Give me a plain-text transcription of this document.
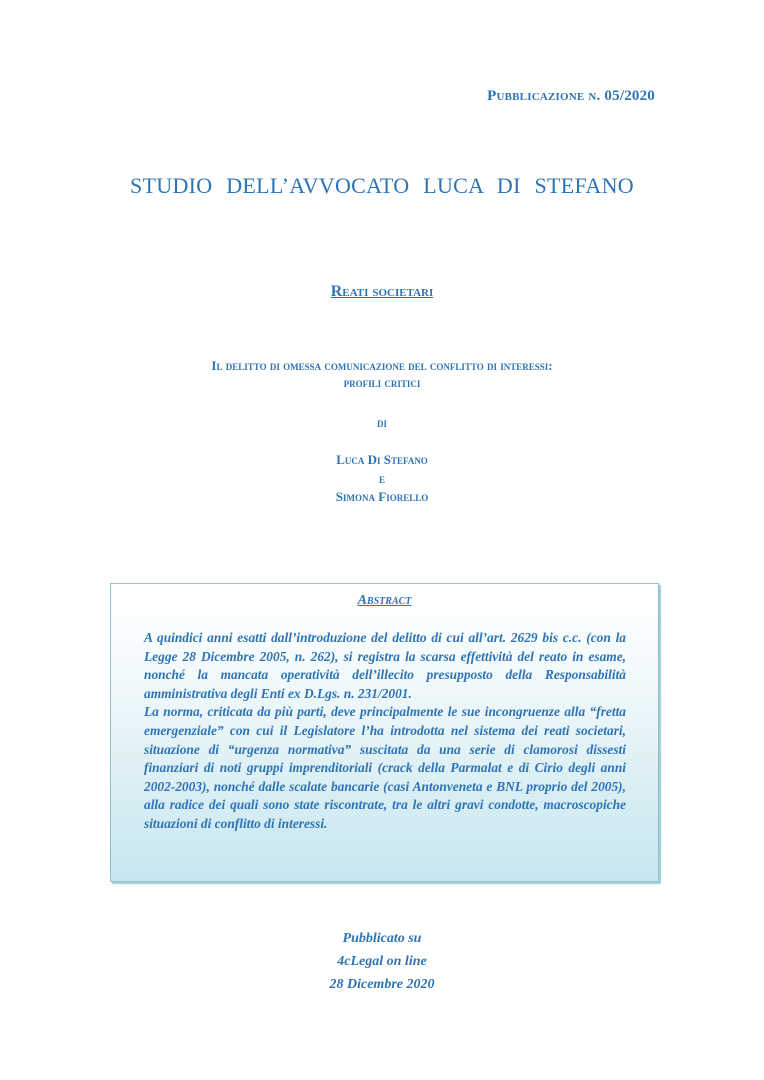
Pubblicazione n. 05/2020
STUDIO DELL’AVVOCATO LUCA DI STEFANO
Reati societari
Il delitto di omessa comunicazione del conflitto di interessi:
profili critici
di
Luca Di Stefano
e
Simona Fiorello
Abstract

A quindici anni esatti dall’introduzione del delitto di cui all’art. 2629 bis c.c. (con la Legge 28 Dicembre 2005, n. 262), si registra la scarsa effettività del reato in esame, nonché la mancata operatività dell’illecito presupposto della Responsabilità amministrativa degli Enti ex D.Lgs. n. 231/2001.

La norma, criticata da più parti, deve principalmente le sue incongruenze alla “fretta emergenziale” con cui il Legislatore l’ha introdotta nel sistema dei reati societari, situazione di “urgenza normativa” suscitata da una serie di clamorosi dissesti finanziari di noti gruppi imprenditoriali (crack della Parmalat e di Cirio degli anni 2002-2003), nonché dalle scalate bancarie (casi Antonveneta e BNL proprio del 2005), alla radice dei quali sono state riscontrate, tra le altri gravi condotte, macroscopiche situazioni di conflitto di interessi.

Pubblicato su
4cLegal on line
28 Dicembre 2020
